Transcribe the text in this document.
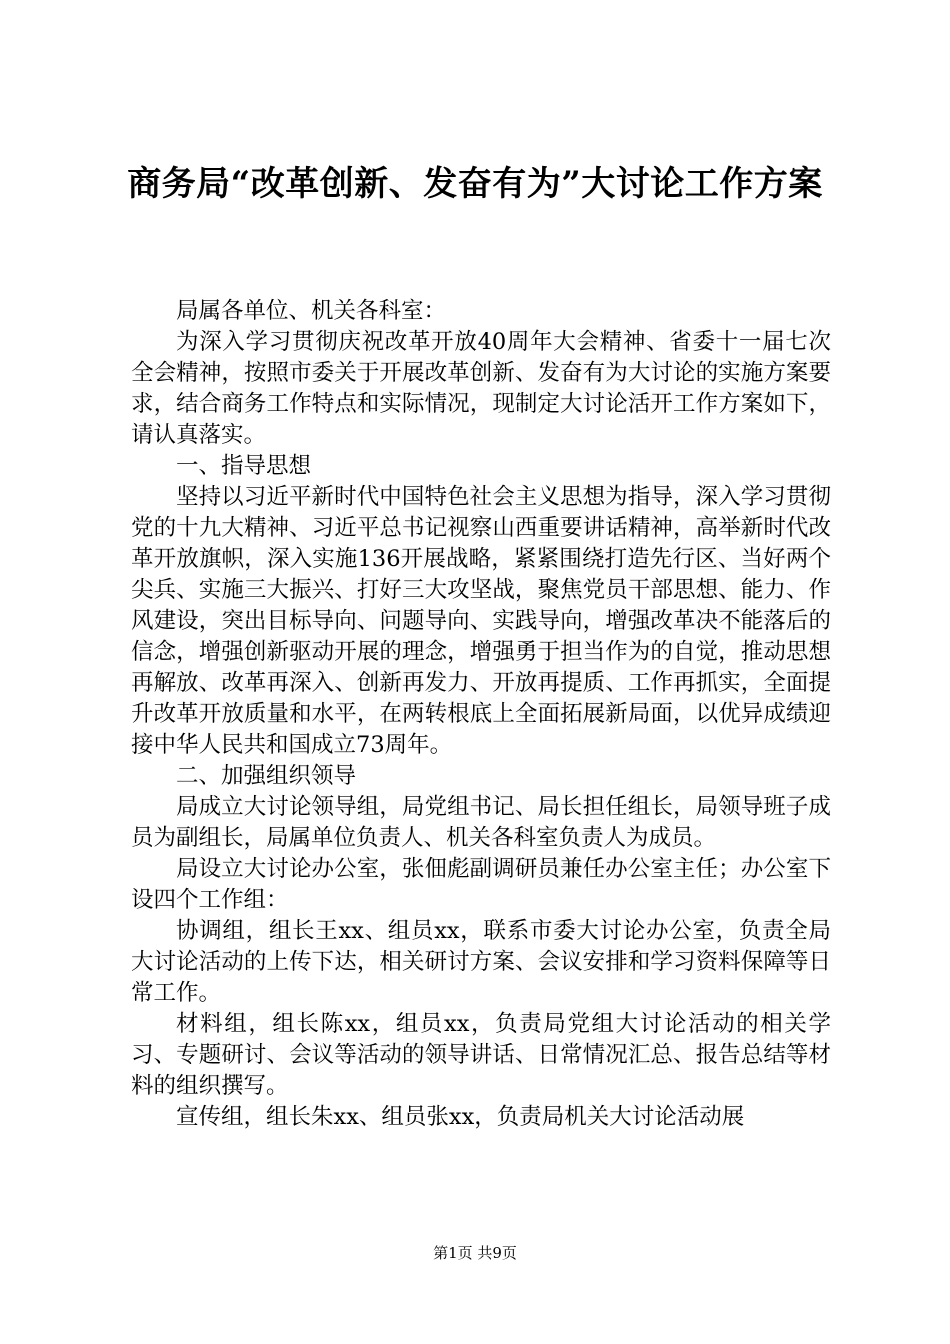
商务局“改革创新、发奋有为”大讨论工作方案

局属各单位、机关各科室：

为深入学习贯彻庆祝改革开放40周年大会精神、省委十一届七次全会精神，按照市委关于开展改革创新、发奋有为大讨论的实施方案要求，结合商务工作特点和实际情况，现制定大讨论活开工作方案如下，请认真落实。

一、指导思想

坚持以习近平新时代中国特色社会主义思想为指导，深入学习贯彻党的十九大精神、习近平总书记视察山西重要讲话精神，高举新时代改革开放旗帜，深入实施136开展战略，紧紧围绕打造先行区、当好两个尖兵、实施三大振兴、打好三大攻坚战，聚焦党员干部思想、能力、作风建设，突出目标导向、问题导向、实践导向，增强改革决不能落后的信念，增强创新驱动开展的理念，增强勇于担当作为的自觉，推动思想再解放、改革再深入、创新再发力、开放再提质、工作再抓实，全面提升改革开放质量和水平，在两转根底上全面拓展新局面，以优异成绩迎接中华人民共和国成立73周年。

二、加强组织领导

局成立大讨论领导组，局党组书记、局长担任组长，局领导班子成员为副组长，局属单位负责人、机关各科室负责人为成员。

局设立大讨论办公室，张佃彪副调研员兼任办公室主任；办公室下设四个工作组：

协调组，组长王xx、组员xx，联系市委大讨论办公室，负责全局大讨论活动的上传下达，相关研讨方案、会议安排和学习资料保障等日常工作。

材料组，组长陈xx，组员xx，负责局党组大讨论活动的相关学习、专题研讨、会议等活动的领导讲话、日常情况汇总、报告总结等材料的组织撰写。

宣传组，组长朱xx、组员张xx，负责局机关大讨论活动展

第1页 共9页
